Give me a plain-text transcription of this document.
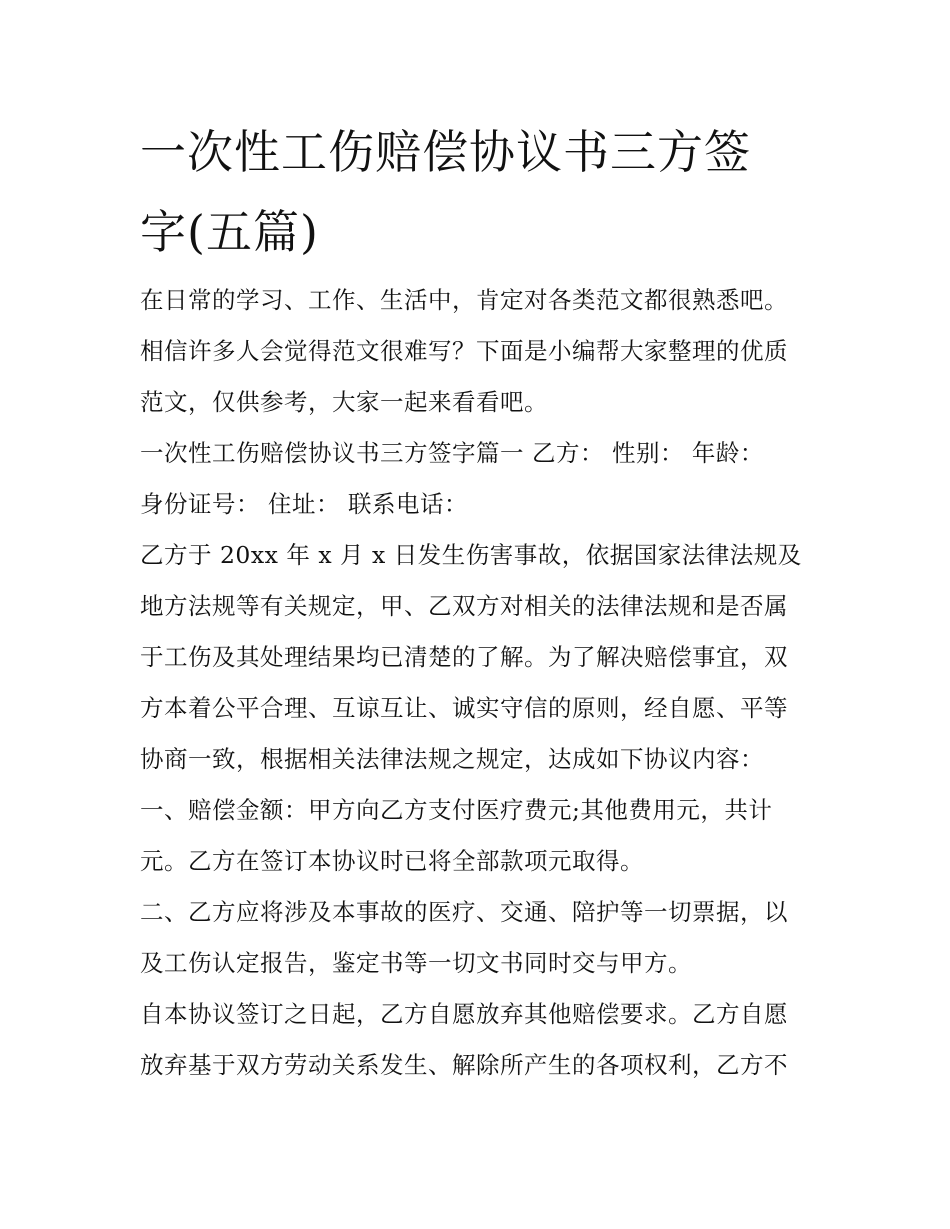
一次性工伤赔偿协议书三方签
字(五篇)
在日常的学习、工作、生活中，肯定对各类范文都很熟悉吧。
相信许多人会觉得范文很难写？下面是小编帮大家整理的优质
范文，仅供参考，大家一起来看看吧。
一次性工伤赔偿协议书三方签字篇一 乙方： 性别： 年龄：
身份证号： 住址： 联系电话：
乙方于 20xx 年 x 月 x 日发生伤害事故，依据国家法律法规及
地方法规等有关规定，甲、乙双方对相关的法律法规和是否属
于工伤及其处理结果均已清楚的了解。为了解决赔偿事宜，双
方本着公平合理、互谅互让、诚实守信的原则，经自愿、平等
协商一致，根据相关法律法规之规定，达成如下协议内容：
一、赔偿金额：甲方向乙方支付医疗费元;其他费用元，共计
元。乙方在签订本协议时已将全部款项元取得。
二、乙方应将涉及本事故的医疗、交通、陪护等一切票据，以
及工伤认定报告，鉴定书等一切文书同时交与甲方。
自本协议签订之日起，乙方自愿放弃其他赔偿要求。乙方自愿
放弃基于双方劳动关系发生、解除所产生的各项权利，乙方不
